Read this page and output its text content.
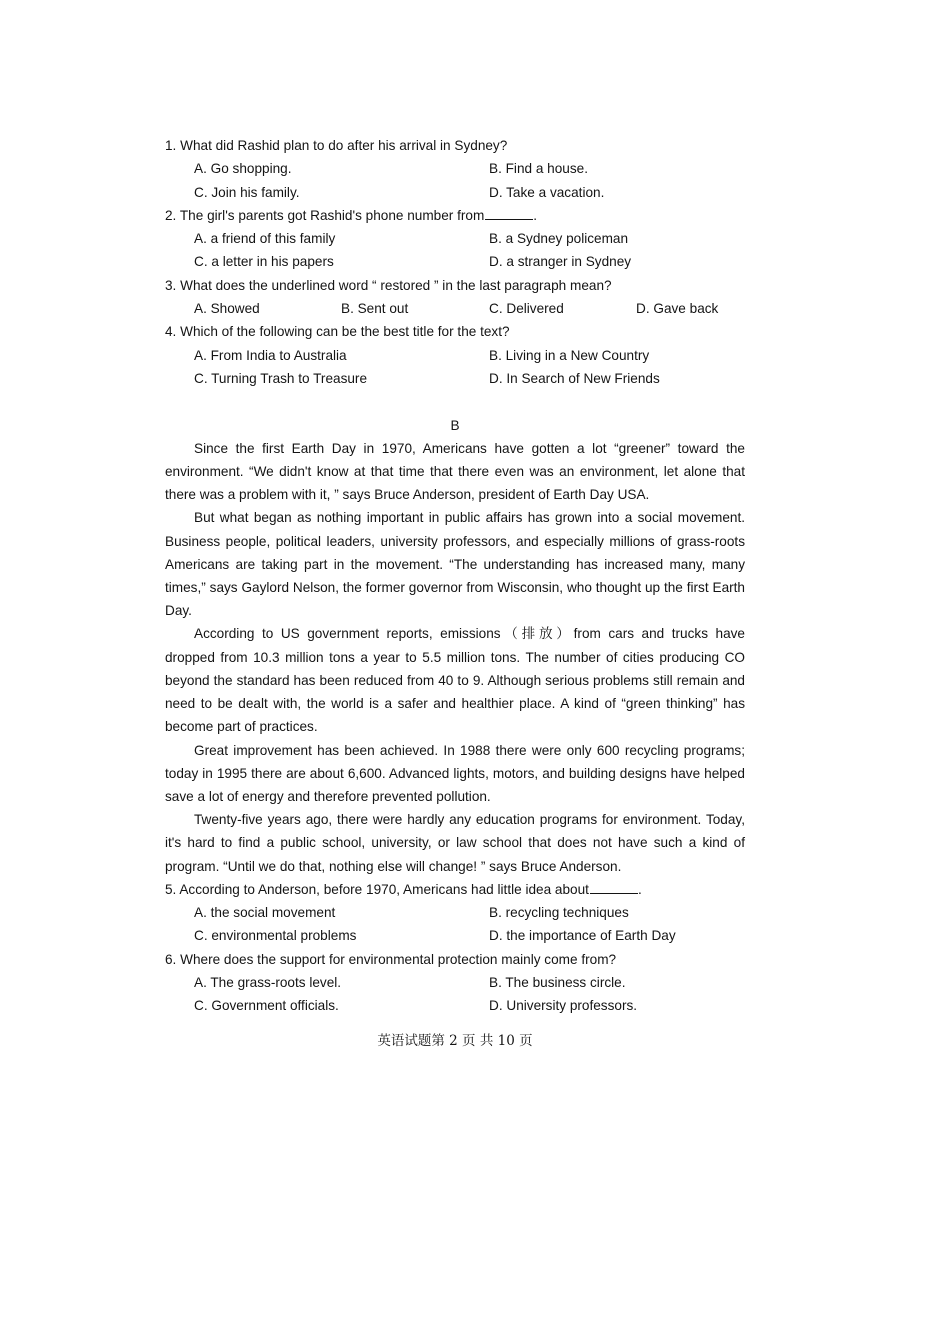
1. What did Rashid plan to do after his arrival in Sydney?
A. Go shopping.	B. Find a house.
C. Join his family.	D. Take a vacation.
2. The girl's parents got Rashid's phone number from	.
A. a friend of this family	B. a Sydney policeman
C. a letter in his papers	D. a stranger in Sydney
3. What does the underlined word “ restored ” in the last paragraph mean?
A. Showed	B. Sent out	C. Delivered	D. Gave back
4. Which of the following can be the best title for the text?
A. From India to Australia	B. Living in a New Country
C. Turning Trash to Treasure	D. In Search of New Friends
B

Since the first Earth Day in 1970, Americans have gotten a lot “greener” toward the environment. “We didn't know at that time that there even was an environment, let alone that there was a problem with it, ” says Bruce Anderson, president of Earth Day USA.

But what began as nothing important in public affairs has grown into a social movement. Business people, political leaders, university professors, and especially millions of grass-roots Americans are taking part in the movement. “The understanding has increased many, many times,” says Gaylord Nelson, the former governor from Wisconsin, who thought up the first Earth Day.

According to US government reports, emissions（排放）from cars and trucks have dropped from 10.3 million tons a year to 5.5 million tons. The number of cities producing CO beyond the standard has been reduced from 40 to 9. Although serious problems still remain and need to be dealt with, the world is a safer and healthier place. A kind of “green thinking” has become part of practices.

Great improvement has been achieved. In 1988 there were only 600 recycling programs; today in 1995 there are about 6,600. Advanced lights, motors, and building designs have helped save a lot of energy and therefore prevented pollution.

Twenty-five years ago, there were hardly any education programs for environment. Today, it's hard to find a public school, university, or law school that does not have such a kind of program. “Until we do that, nothing else will change! ” says Bruce Anderson.

5. According to Anderson, before 1970, Americans had little idea about	.
A. the social movement	B. recycling techniques
C. environmental problems	D. the importance of Earth Day
6. Where does the support for environmental protection mainly come from?
A. The grass-roots level.	B. The business circle.
C. Government officials.	D. University professors.
英语试题第 2 页 共 10 页
